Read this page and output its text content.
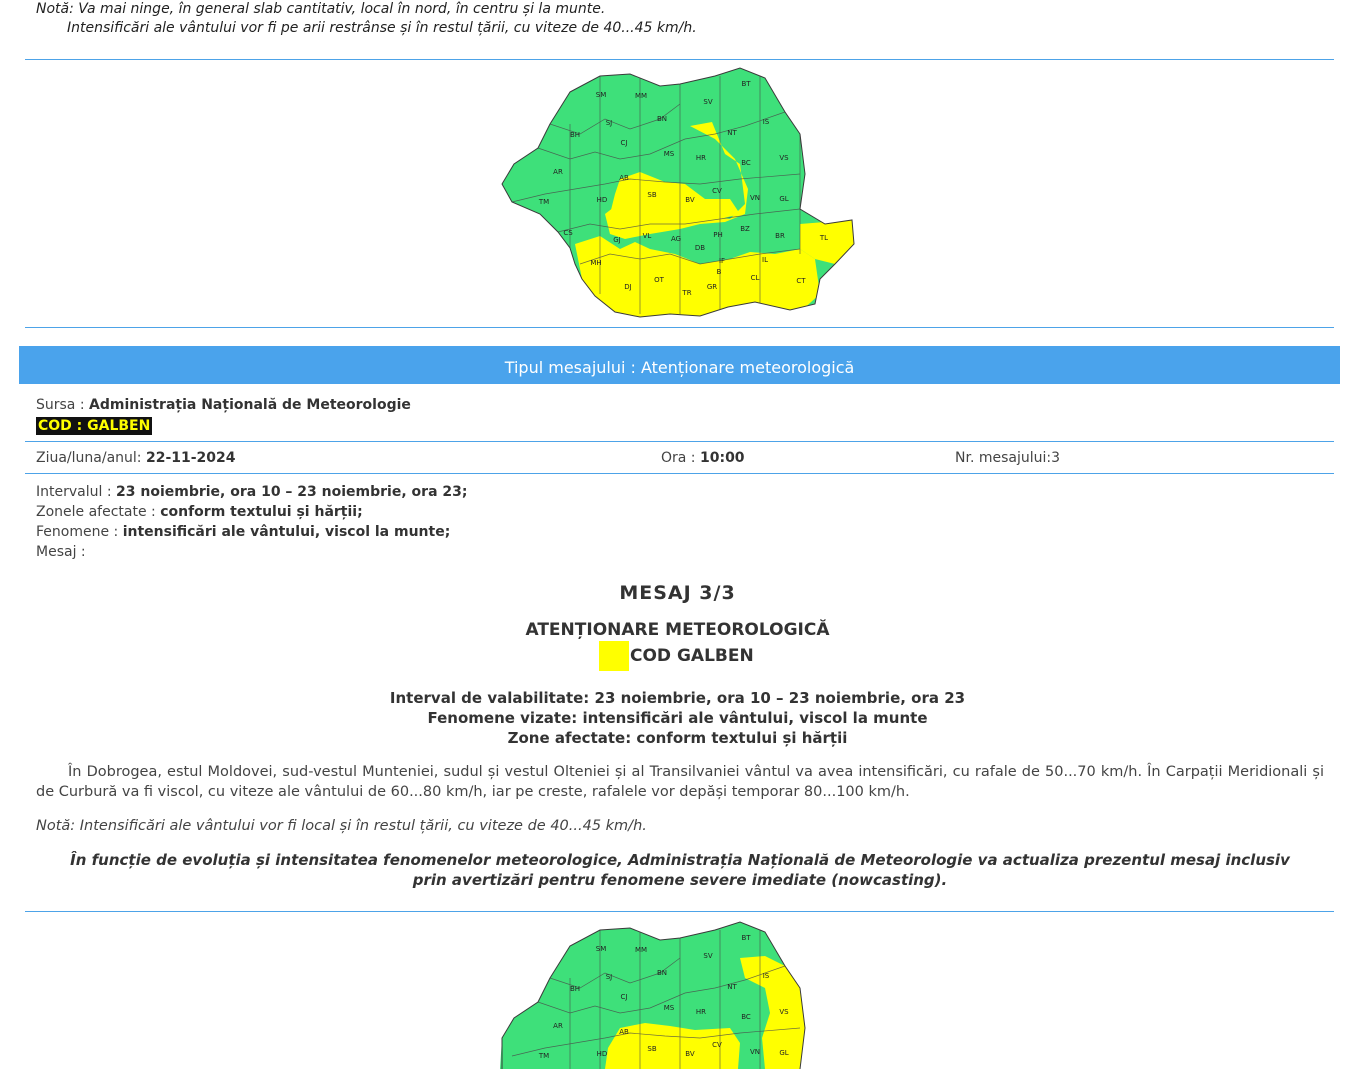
Notă: Va mai ninge, în general slab cantitativ, local în nord, în centru și la munte.
Intensificări ale vântului vor fi pe arii restrânse și în restul țării, cu viteze de 40...45 km/h.
SM	MM
SV
BT
SJ	BN	IS
BH
CJ
NT
MS	HR
BC
VS
AR
AB
SB
BV
CV
TM	HD	VN	GL
CS
GJ	VL	AG
DB
PH
BZ
BR	TL
MH	IF
B
IL
DJ
OT
TR
GR
CL	CT
Tipul mesajului : Atenționare meteorologică
Sursa : Administrația Națională de Meteorologie
COD : GALBEN
Ziua/luna/anul: 22-11-2024	Ora : 10:00	Nr. mesajului:3
Intervalul : 23 noiembrie, ora 10 – 23 noiembrie, ora 23;
Zonele afectate : conform textului și hărții;
Fenomene : intensificări ale vântului, viscol la munte;
Mesaj :
MESAJ 3/3
ATENȚIONARE METEOROLOGICĂ
COD GALBEN
Interval de valabilitate: 23 noiembrie, ora 10 – 23 noiembrie, ora 23
Fenomene vizate: intensificări ale vântului, viscol la munte
Zone afectate: conform textului și hărții
În Dobrogea, estul Moldovei, sud-vestul Munteniei, sudul și vestul Olteniei și al Transilvaniei vântul va avea intensificări, cu rafale de 50...70 km/h. În Carpații Meridionali și de Curbură va fi viscol, cu viteze ale vântului de 60...80 km/h, iar pe creste, rafalele vor depăși temporar 80...100 km/h.
Notă: Intensificări ale vântului vor fi local și în restul țării, cu viteze de 40...45 km/h.
În funcție de evoluția și intensitatea fenomenelor meteorologice, Administrația Națională de Meteorologie va actualiza prezentul mesaj inclusiv prin avertizări pentru fenomene severe imediate (nowcasting).
SM	MM
SV
BT
SJ	BN	IS
BH
CJ
NT
MS	HR
BC
VS
AR
AB
SB
BV
CV
TM	HD	VN	GL
